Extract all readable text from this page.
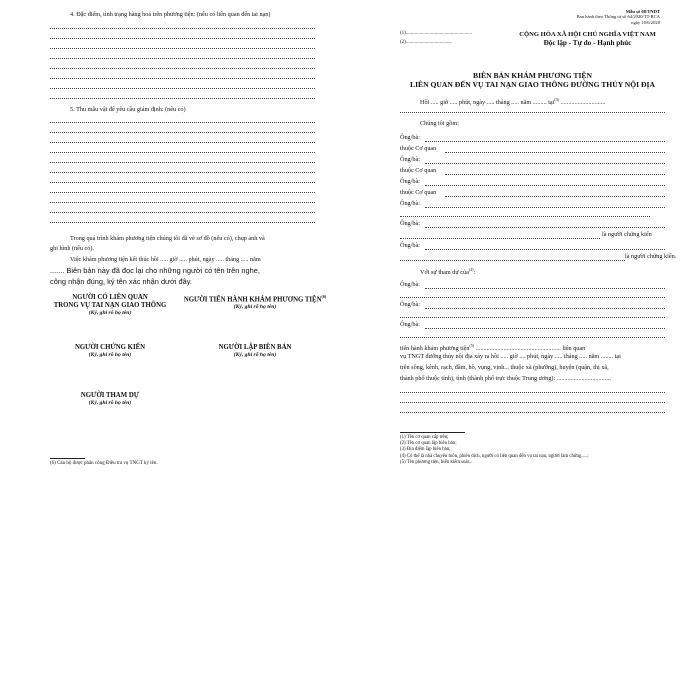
4. Đặc điểm, tình trạng hàng hoá trên phương tiện: (nếu có liên quan đến tai nạn)
5. Thu mẫu vật để yêu cầu giám định: (nếu có)
Trong quá trình khám phương tiện chúng tôi đã vẽ sơ đồ (nếu có), chụp ảnh và
ghi hình (nếu có).
Việc khám phương tiện kết thúc hồi ..... giờ ..... phút, ngày ..... tháng ..... năm
....... Biên bản này đã đọc lại cho những người có tên trên nghe,
công nhận đúng, ký tên xác nhận dưới đây.
NGƯỜI CÓ LIÊN QUAN
TRONG VỤ TAI NẠN GIAO THÔNG
(Ký, ghi rõ họ tên)
NGƯỜI TIẾN HÀNH KHÁM PHƯƠNG TIỆN$^{(6)}$
(Ký, ghi rõ họ tên)
NGƯỜI CHỨNG KIẾN
(Ký, ghi rõ họ tên)
NGƯỜI LẬP BIÊN BẢN
(Ký, ghi rõ họ tên)
NGƯỜI THAM DỰ
(Ký, ghi rõ họ tên)
(6) Cán bộ được phân công Điều tra vụ TNGT ký tên.
Mẫu số 08/TNDT
Ban hành theo Thông tư số 64/2020/TT-BCA
ngày 10/6/2020
(1).....................................................
(2).....................................
CỘNG HÒA XÃ HỘI CHỦ NGHĨA VIỆT NAM
Độc lập - Tự do - Hạnh phúc
BIÊN BẢN KHÁM PHƯƠNG TIỆN
LIÊN QUAN ĐẾN VỤ TAI NẠN GIAO THÔNG ĐƯỜNG THỦY NỘI ĐỊA
Hồi ..... giờ ..... phút, ngày ..... tháng ..... năm ......... tại$^{(3)}$ .............................
Chúng tôi gồm:
Ông/bà:
thuộc Cơ quan
Ông/bà:
thuộc Cơ quan
Ông/bà:
thuộc Cơ quan
Ông/bà:
Ông/bà:
là người chứng kiến
Ông/bà:
là người chứng kiến.
Với sự tham dự của$^{(4)}$:
Ông/bà:
Ông/bà:
Ông/bà:
tiến hành khám phương tiện$^{(5)}$ ....................................................... liên quan
vụ TNGT đường thủy nội địa xảy ra hồi ..... giờ .... phút, ngày ..... tháng ..... năm ........ tại
trên sông, kênh, rạch, đầm, hồ, vụng, vịnh... thuộc xã (phường), huyện (quận, thị xã,
thành phố thuộc tỉnh), tỉnh (thành phố trực thuộc Trung ương): ...................................
(1) Tên cơ quan cấp trên;
(2) Tên cơ quan lập biên bản;
(3) Địa điểm lập biên bản;
(4) Có thể là nhà chuyên môn, phiên dịch, người có liên quan đến vụ tai nạn, người làm chứng.....;
(5) Tên phương tiện, biển kiểm soát...
